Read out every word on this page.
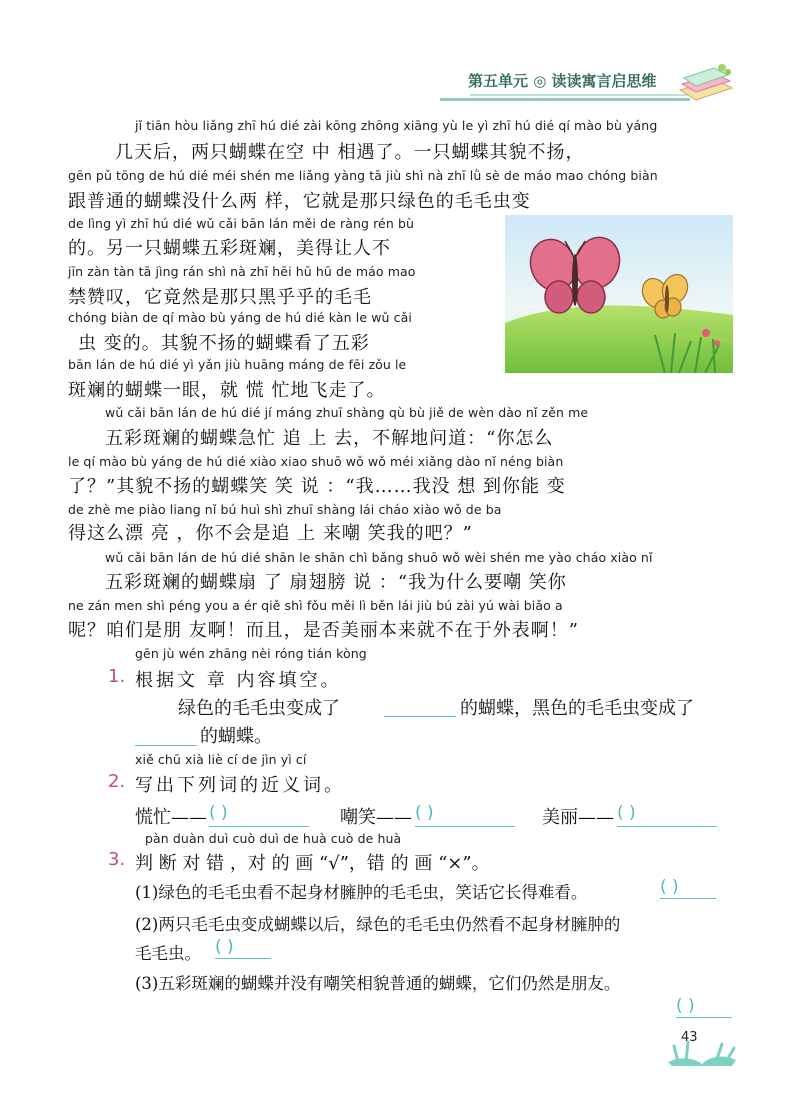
第五单元 ◎ 读读寓言启思维
jǐ tiān hòu liǎng zhī hú dié zài kōng zhōng xiāng yù le yì zhī hú dié qí mào bù yáng
几天后，两只蝴蝶在空 中 相遇了。一只蝴蝶其貌不扬，
gēn pǔ tōng de hú dié méi shén me liǎng yàng tā jiù shì nà zhī lǜ sè de máo mao chóng biàn
跟普通的蝴蝶没什么两 样，它就是那只绿色的毛毛虫变
de lìng yì zhī hú dié wǔ cǎi bān lán měi de ràng rén bù
的。另一只蝴蝶五彩斑斓，美得让人不
jīn zàn tàn tā jìng rán shì nà zhī hēi hū hū de máo mao
禁赞叹，它竟然是那只黑乎乎的毛毛
chóng biàn de qí mào bù yáng de hú dié kàn le wǔ cǎi
虫 变的。其貌不扬的蝴蝶看了五彩
bān lán de hú dié yì yǎn jiù huāng máng de fēi zǒu le
斑斓的蝴蝶一眼，就 慌 忙地飞走了。
wǔ cǎi bān lán de hú dié jí máng zhuī shàng qù bù jiě de wèn dào nǐ zěn me
五彩斑斓的蝴蝶急忙 追 上 去，不解地问道：“你怎么
le qí mào bù yáng de hú dié xiào xiao shuō wǒ wǒ méi xiǎng dào nǐ néng biàn
了？”其貌不扬的蝴蝶笑 笑 说 ：“我……我没 想 到你能 变
de zhè me piào liang nǐ bú huì shì zhuī shàng lái cháo xiào wǒ de ba
得这么漂 亮 ，你不会是追 上 来嘲 笑我的吧？”
wǔ cǎi bān lán de hú dié shān le shān chì bǎng shuō wǒ wèi shén me yào cháo xiào nǐ
五彩斑斓的蝴蝶扇 了 扇翅膀 说 ：“我为什么要嘲 笑你
ne zán men shì péng you a ér qiě shì fǒu měi lì běn lái jiù bú zài yú wài biǎo a
呢？咱们是朋 友啊！而且，是否美丽本来就不在于外表啊！”
gēn jù wén zhāng nèi róng tián kòng
1. 根据文 章 内容填空。
绿色的毛毛虫变成了	的蝴蝶，黑色的毛毛虫变成了
的蝴蝶。
xiě chū xià liè cí de jìn yì cí
2. 写出下列词的近义词。
慌忙—— ( )	嘲笑—— ( )	美丽—— ( )
pàn duàn duì cuò duì de huà cuò de huà
3. 判 断 对 错 ，对 的 画 “√”，错 的 画 “×”。
(1)绿色的毛毛虫看不起身材臃肿的毛毛虫，笑话它长得难看。	( )
(2)两只毛毛虫变成蝴蝶以后，绿色的毛毛虫仍然看不起身材臃肿的
毛毛虫。 ( )
(3)五彩斑斓的蝴蝶并没有嘲笑相貌普通的蝴蝶，它们仍然是朋友。
( )
43
